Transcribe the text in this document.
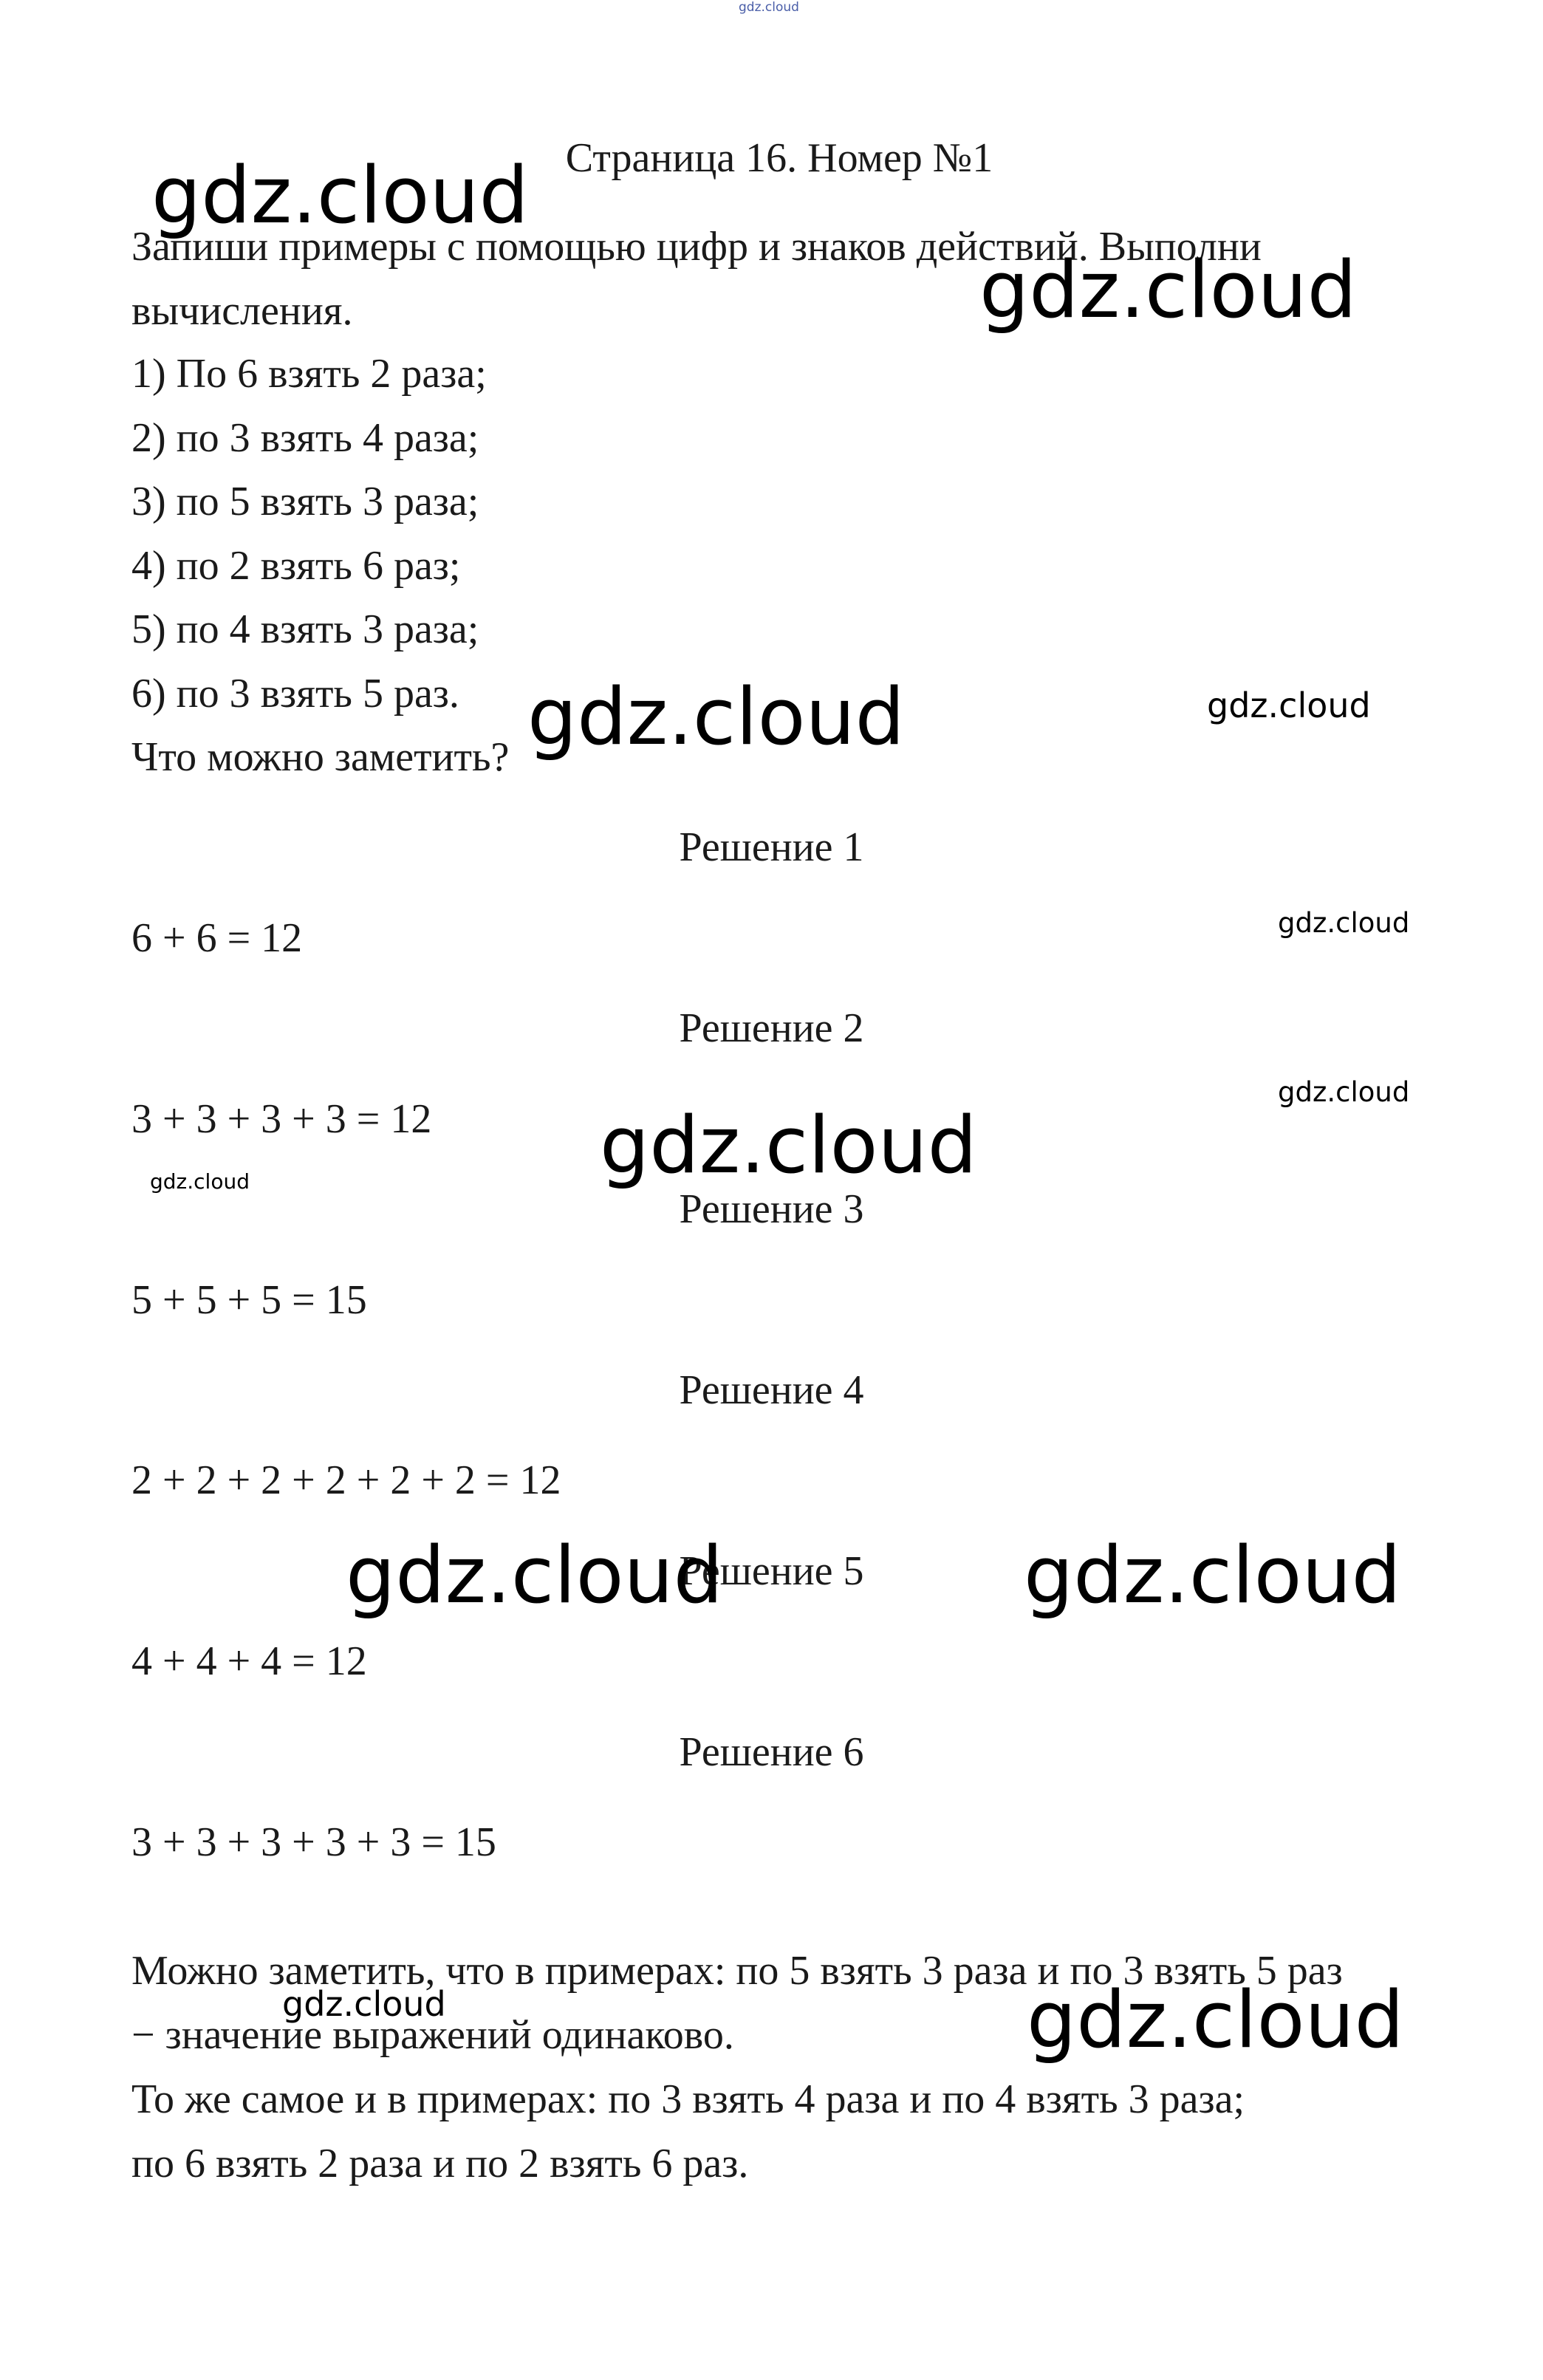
gdz.cloud
Страница 16. Номер №1
Запиши примеры с помощью цифр и знаков действий. Выполни
вычисления.
1) По 6 взять 2 раза;
2) по 3 взять 4 раза;
3) по 5 взять 3 раза;
4) по 2 взять 6 раз;
5) по 4 взять 3 раза;
6) по 3 взять 5 раз.
Что можно заметить?
Решение 1
6 + 6 = 12
Решение 2
3 + 3 + 3 + 3 = 12
Решение 3
5 + 5 + 5 = 15
Решение 4
2 + 2 + 2 + 2 + 2 + 2 = 12
Решение 5
4 + 4 + 4 = 12
Решение 6
3 + 3 + 3 + 3 + 3 = 15
Можно заметить, что в примерах: по 5 взять 3 раза и по 3 взять 5 раз
− значение выражений одинаково.
То же самое и в примерах: по 3 взять 4 раза и по 4 взять 3 раза;
по 6 взять 2 раза и по 2 взять 6 раз.
gdz.cloud
gdz.cloud
gdz.cloud	gdz.cloud
gdz.cloud
gdz.cloud
gdz.cloud
gdz.cloud
gdz.cloud	gdz.cloud
gdz.cloud	gdz.cloud
